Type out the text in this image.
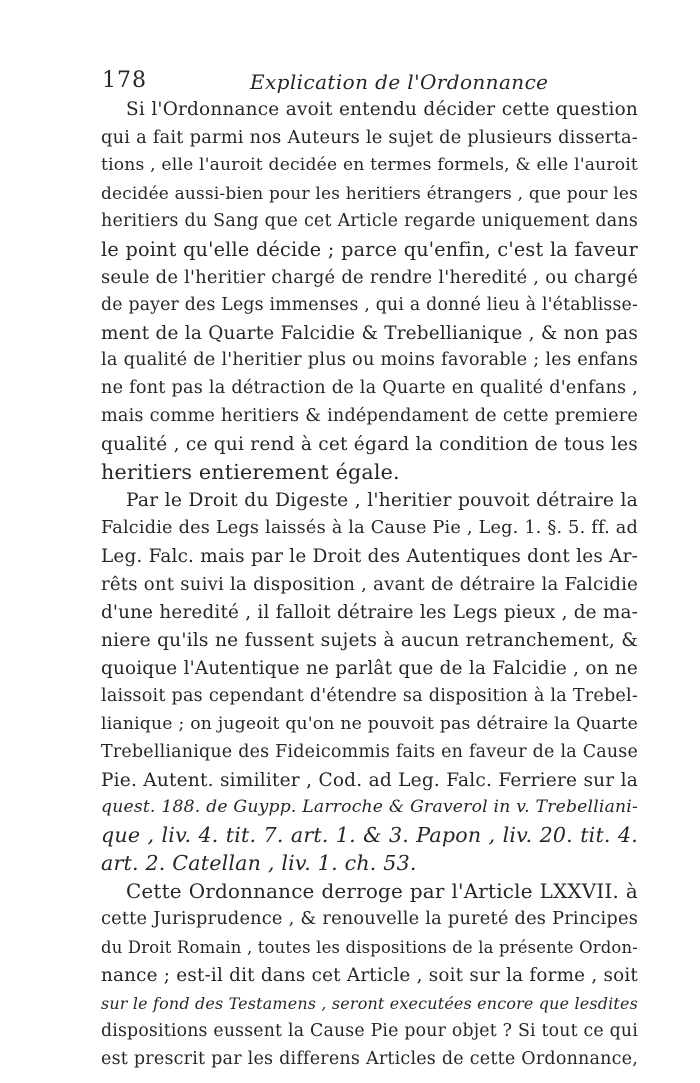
178	Explication de l'Ordonnance
Si l'Ordonnance avoit entendu décider cette question
qui a fait parmi nos Auteurs le sujet de plusieurs disserta-
tions , elle l'auroit decidée en termes formels, & elle l'auroit
decidée aussi-bien pour les heritiers étrangers , que pour les
heritiers du Sang que cet Article regarde uniquement dans
le point qu'elle décide ; parce qu'enfin, c'est la faveur
seule de l'heritier chargé de rendre l'heredité , ou chargé
de payer des Legs immenses , qui a donné lieu à l'établisse-
ment de la Quarte Falcidie & Trebellianique , & non pas
la qualité de l'heritier plus ou moins favorable ; les enfans
ne font pas la détraction de la Quarte en qualité d'enfans ,
mais comme heritiers & indépendament de cette premiere
qualité , ce qui rend à cet égard la condition de tous les
heritiers entierement égale.
Par le Droit du Digeste , l'heritier pouvoit détraire la
Falcidie des Legs laissés à la Cause Pie , Leg. 1. §. 5. ff. ad
Leg. Falc. mais par le Droit des Autentiques dont les Ar-
rêts ont suivi la disposition , avant de détraire la Falcidie
d'une heredité , il falloit détraire les Legs pieux , de ma-
niere qu'ils ne fussent sujets à aucun retranchement, &
quoique l'Autentique ne parlât que de la Falcidie , on ne
laissoit pas cependant d'étendre sa disposition à la Trebel-
lianique ; on jugeoit qu'on ne pouvoit pas détraire la Quarte
Trebellianique des Fideicommis faits en faveur de la Cause
Pie. Autent. similiter , Cod. ad Leg. Falc. Ferriere sur la
quest. 188. de Guypp. Larroche & Graverol in v. Trebelliani-
que , liv. 4. tit. 7. art. 1. & 3. Papon , liv. 20. tit. 4.
art. 2. Catellan , liv. 1. ch. 53.
Cette Ordonnance derroge par l'Article LXXVII. à
cette Jurisprudence , & renouvelle la pureté des Principes
du Droit Romain , toutes les dispositions de la présente Ordon-
nance ; est-il dit dans cet Article , soit sur la forme , soit
sur le fond des Testamens , seront executées encore que lesdites
dispositions eussent la Cause Pie pour objet ? Si tout ce qui
est prescrit par les differens Articles de cette Ordonnance,
